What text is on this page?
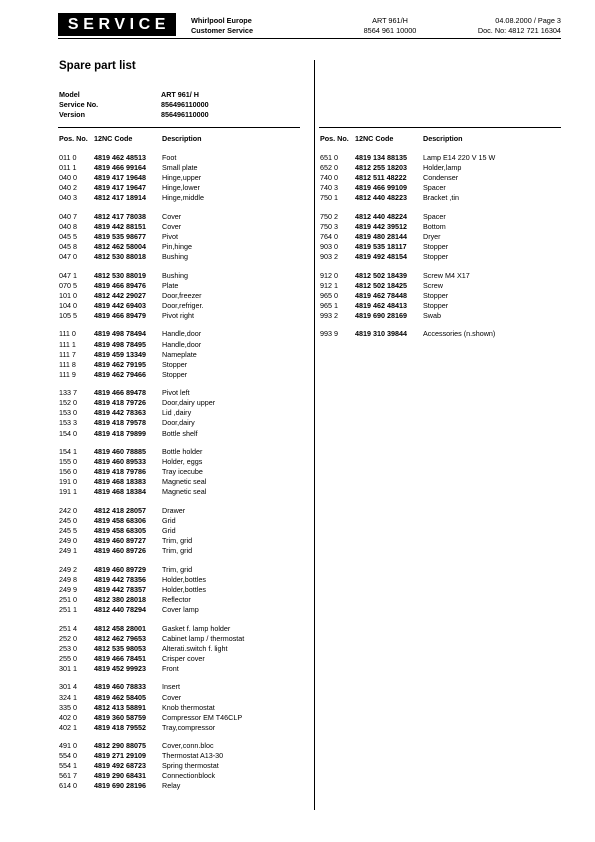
SERVICE	Whirlpool Europe
Customer Service
ART 961/H
8564 961 10000
04.08.2000 / Page 3
Doc. No: 4812 721 16304
Spare part list
Model	ART 961/ H
Service No.	856496110000
Version	856496110000
Pos. No. 12NC Code	Description	Pos. No. 12NC Code	Description
011 0	4819 462 48513	Foot
011 1	4819 466 99164	Small plate
040 0	4819 417 19648	Hinge,upper
040 2	4819 417 19647	Hinge,lower
040 3	4812 417 18914	Hinge,middle
040 7	4812 417 78038	Cover
040 8	4819 442 88151	Cover
045 5	4819 535 98677	Pivot
045 8	4812 462 58004	Pin,hinge
047 0	4812 530 88018	Bushing
047 1	4812 530 88019	Bushing
070 5	4819 466 89476	Plate
101 0	4812 442 29027	Door,freezer
104 0	4819 442 69403	Door,refriger.
105 5	4819 466 89479	Pivot right
111 0	4819 498 78494	Handle,door
111 1	4819 498 78495	Handle,door
111 7	4819 459 13349	Nameplate
111 8	4819 462 79195	Stopper
111 9	4819 462 79466	Stopper
133 7	4819 466 89478	Pivot left
152 0	4819 418 79726	Door,dairy upper
153 0	4819 442 78363	Lid ,dairy
153 3	4819 418 79578	Door,dairy
154 0	4819 418 79899	Bottle shelf
154 1	4819 460 78885	Bottle holder
155 0	4819 460 89533	Holder, eggs
156 0	4819 418 79786	Tray icecube
191 0	4819 468 18383	Magnetic seal
191 1	4819 468 18384	Magnetic seal
242 0	4812 418 28057	Drawer
245 0	4819 458 68306	Grid
245 5	4819 458 68305	Grid
249 0	4819 460 89727	Trim, grid
249 1	4819 460 89726	Trim, grid
249 2	4819 460 89729	Trim, grid
249 8	4819 442 78356	Holder,bottles
249 9	4819 442 78357	Holder,bottles
251 0	4812 380 28018	Reflector
251 1	4812 440 78294	Cover lamp
251 4	4812 458 28001	Gasket f. lamp holder
252 0	4812 462 79653	Cabinet lamp / thermostat
253 0	4812 535 98053	Alterati.switch f. light
255 0	4819 466 78451	Crisper cover
301 1	4819 452 99923	Front
301 4	4819 460 78833	Insert
324 1	4819 462 58405	Cover
335 0	4812 413 58891	Knob thermostat
402 0	4819 360 58759	Compressor EM T46CLP
402 1	4819 418 79552	Tray,compressor
491 0	4812 290 88075	Cover,conn.bloc
554 0	4819 271 29109	Thermostat A13-30
554 1	4819 492 68723	Spring thermostat
561 7	4819 290 68431	Connectionblock
614 0	4819 690 28196	Relay
651 0	4819 134 88135	Lamp E14 220 V 15 W
652 0	4812 255 18203	Holder,lamp
740 0	4812 511 48222	Condenser
740 3	4819 466 99109	Spacer
750 1	4812 440 48223	Bracket ,tin
750 2	4812 440 48224	Spacer
750 3	4819 442 39512	Bottom
764 0	4819 480 28144	Dryer
903 0	4819 535 18117	Stopper
903 2	4819 492 48154	Stopper
912 0	4812 502 18439	Screw M4 X17
912 1	4812 502 18425	Screw
965 0	4819 462 78448	Stopper
965 1	4819 462 48413	Stopper
993 2	4819 690 28169	Swab
993 9	4819 310 39844	Accessories (n.shown)
